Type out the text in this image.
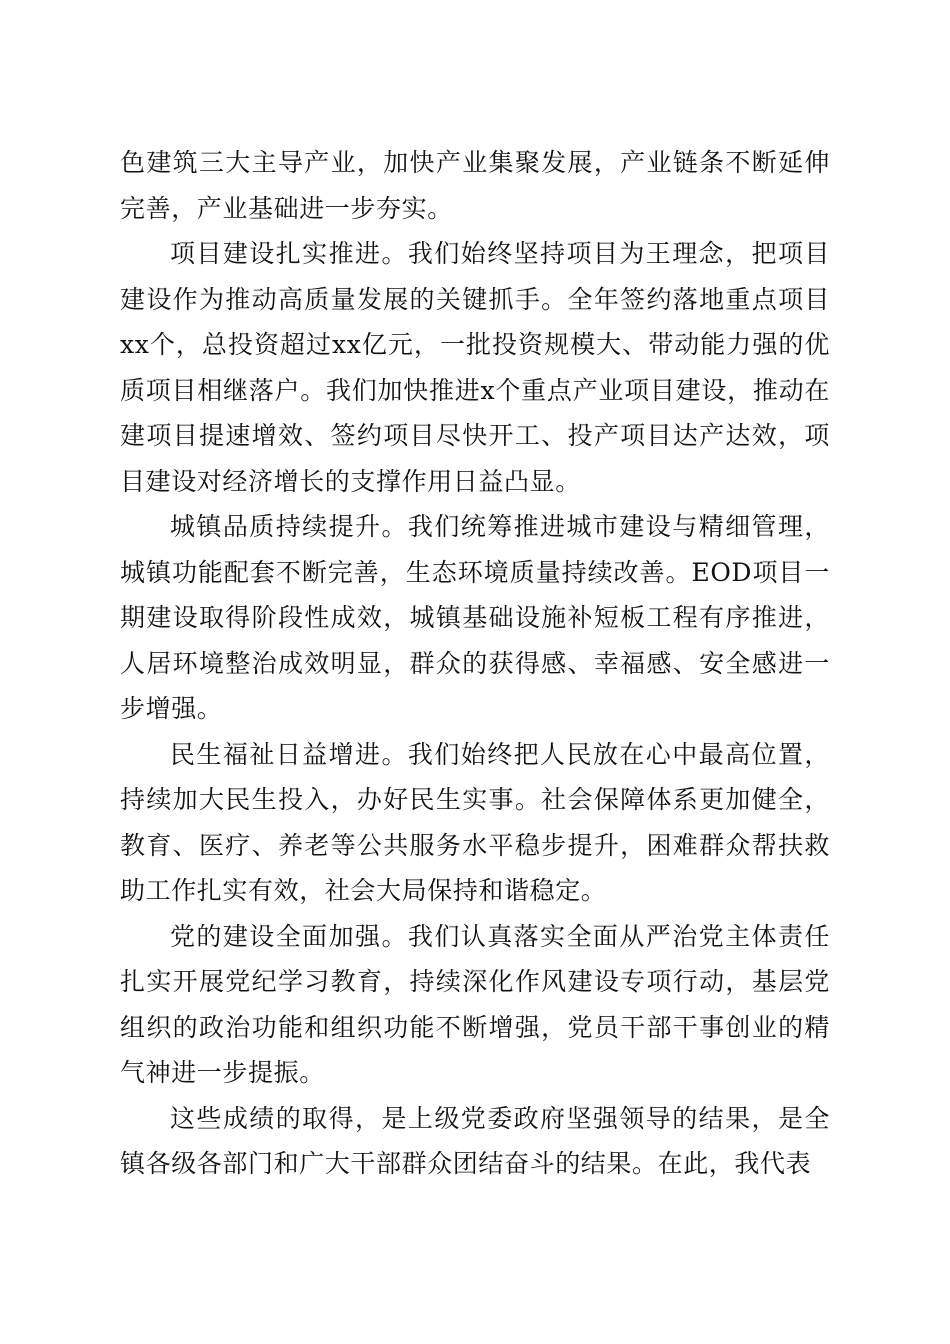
色建筑三大主导产业，加快产业集聚发展，产业链条不断延伸完善，产业基础进一步夯实。

项目建设扎实推进。我们始终坚持项目为王理念，把项目建设作为推动高质量发展的关键抓手。全年签约落地重点项目xx个，总投资超过xx亿元，一批投资规模大、带动能力强的优质项目相继落户。我们加快推进x个重点产业项目建设，推动在建项目提速增效、签约项目尽快开工、投产项目达产达效，项目建设对经济增长的支撑作用日益凸显。

城镇品质持续提升。我们统筹推进城市建设与精细管理，城镇功能配套不断完善，生态环境质量持续改善。EOD项目一期建设取得阶段性成效，城镇基础设施补短板工程有序推进，人居环境整治成效明显，群众的获得感、幸福感、安全感进一步增强。

民生福祉日益增进。我们始终把人民放在心中最高位置，持续加大民生投入，办好民生实事。社会保障体系更加健全，教育、医疗、养老等公共服务水平稳步提升，困难群众帮扶救助工作扎实有效，社会大局保持和谐稳定。

党的建设全面加强。我们认真落实全面从严治党主体责任扎实开展党纪学习教育，持续深化作风建设专项行动，基层党组织的政治功能和组织功能不断增强，党员干部干事创业的精气神进一步提振。

这些成绩的取得，是上级党委政府坚强领导的结果，是全镇各级各部门和广大干部群众团结奋斗的结果。在此，我代表
